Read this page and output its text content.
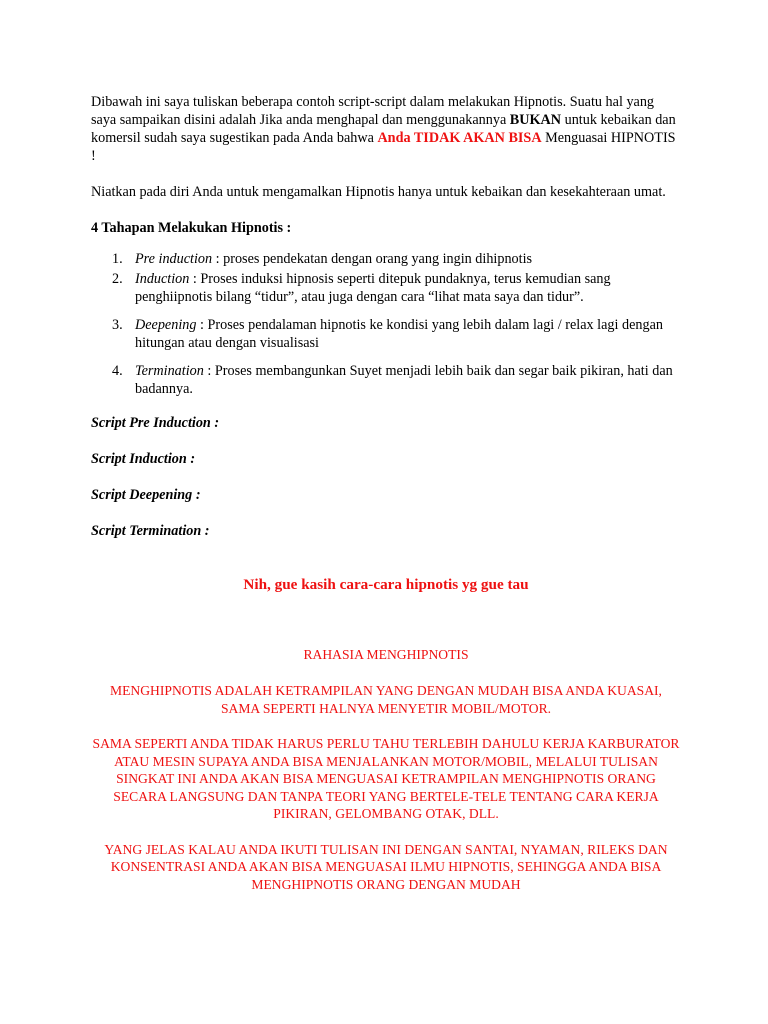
Dibawah ini saya tuliskan beberapa contoh script-script dalam melakukan Hipnotis. Suatu hal yang saya sampaikan disini adalah Jika anda menghapal dan menggunakannya BUKAN untuk kebaikan dan komersil sudah saya sugestikan pada Anda bahwa Anda TIDAK AKAN BISA Menguasai HIPNOTIS !

Niatkan pada diri Anda untuk mengamalkan Hipnotis hanya untuk kebaikan dan kesekahteraan umat.

4 Tahapan Melakukan Hipnotis :

1. Pre induction : proses pendekatan dengan orang yang ingin dihipnotis
2. Induction : Proses induksi hipnosis seperti ditepuk pundaknya, terus kemudian sang penghiipnotis bilang “tidur”, atau juga dengan cara “lihat mata saya dan tidur”.
3. Deepening : Proses pendalaman hipnotis ke kondisi yang lebih dalam lagi / relax lagi dengan hitungan atau dengan visualisasi
4. Termination : Proses membangunkan Suyet menjadi lebih baik dan segar baik pikiran, hati dan badannya.

Script Pre Induction :

Script Induction :

Script Deepening :

Script Termination :

Nih, gue kasih cara-cara hipnotis yg gue tau

RAHASIA MENGHIPNOTIS

MENGHIPNOTIS ADALAH KETRAMPILAN YANG DENGAN MUDAH BISA ANDA KUASAI, SAMA SEPERTI HALNYA MENYETIR MOBIL/MOTOR.

SAMA SEPERTI ANDA TIDAK HARUS PERLU TAHU TERLEBIH DAHULU KERJA KARBURATOR ATAU MESIN SUPAYA ANDA BISA MENJALANKAN MOTOR/MOBIL, MELALUI TULISAN SINGKAT INI ANDA AKAN BISA MENGUASAI KETRAMPILAN MENGHIPNOTIS ORANG SECARA LANGSUNG DAN TANPA TEORI YANG BERTELE-TELE TENTANG CARA KERJA PIKIRAN, GELOMBANG OTAK, DLL.

YANG JELAS KALAU ANDA IKUTI TULISAN INI DENGAN SANTAI, NYAMAN, RILEKS DAN KONSENTRASI ANDA AKAN BISA MENGUASAI ILMU HIPNOTIS, SEHINGGA ANDA BISA MENGHIPNOTIS ORANG DENGAN MUDAH
